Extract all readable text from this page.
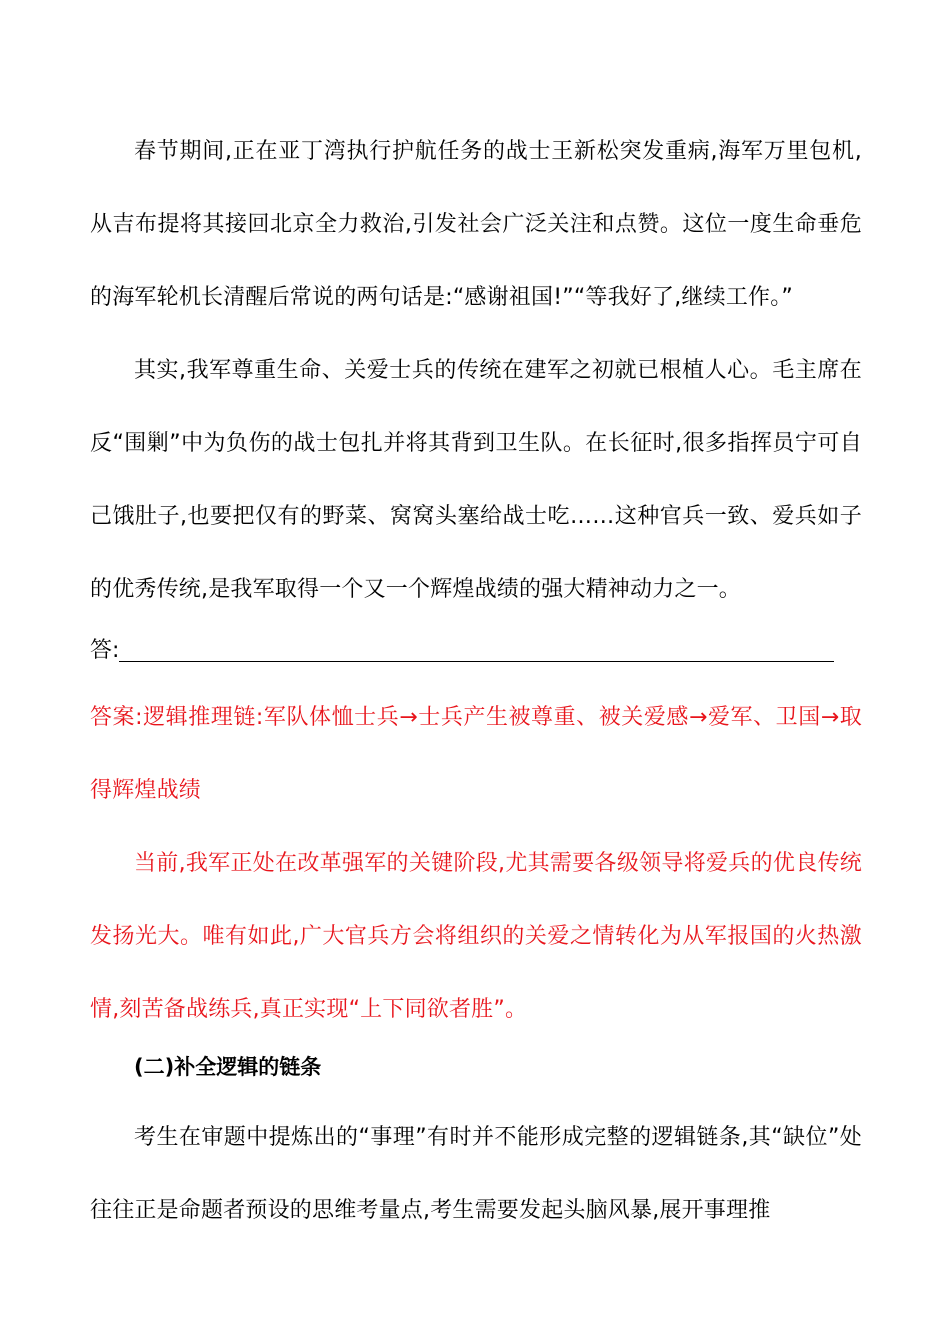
春节期间,正在亚丁湾执行护航任务的战士王新松突发重病,海军万里包机,从吉布提将其接回北京全力救治,引发社会广泛关注和点赞。这位一度生命垂危的海军轮机长清醒后常说的两句话是:“感谢祖国!”“等我好了,继续工作。”

其实,我军尊重生命、关爱士兵的传统在建军之初就已根植人心。毛主席在反“围剿”中为负伤的战士包扎并将其背到卫生队。在长征时,很多指挥员宁可自己饿肚子,也要把仅有的野菜、窝窝头塞给战士吃……这种官兵一致、爱兵如子的优秀传统,是我军取得一个又一个辉煌战绩的强大精神动力之一。

答:

答案:逻辑推理链:军队体恤士兵→士兵产生被尊重、被关爱感→爱军、卫国→取得辉煌战绩

当前,我军正处在改革强军的关键阶段,尤其需要各级领导将爱兵的优良传统发扬光大。唯有如此,广大官兵方会将组织的关爱之情转化为从军报国的火热激情,刻苦备战练兵,真正实现“上下同欲者胜”。

(二)补全逻辑的链条

考生在审题中提炼出的“事理”有时并不能形成完整的逻辑链条,其“缺位”处往往正是命题者预设的思维考量点,考生需要发起头脑风暴,展开事理推
